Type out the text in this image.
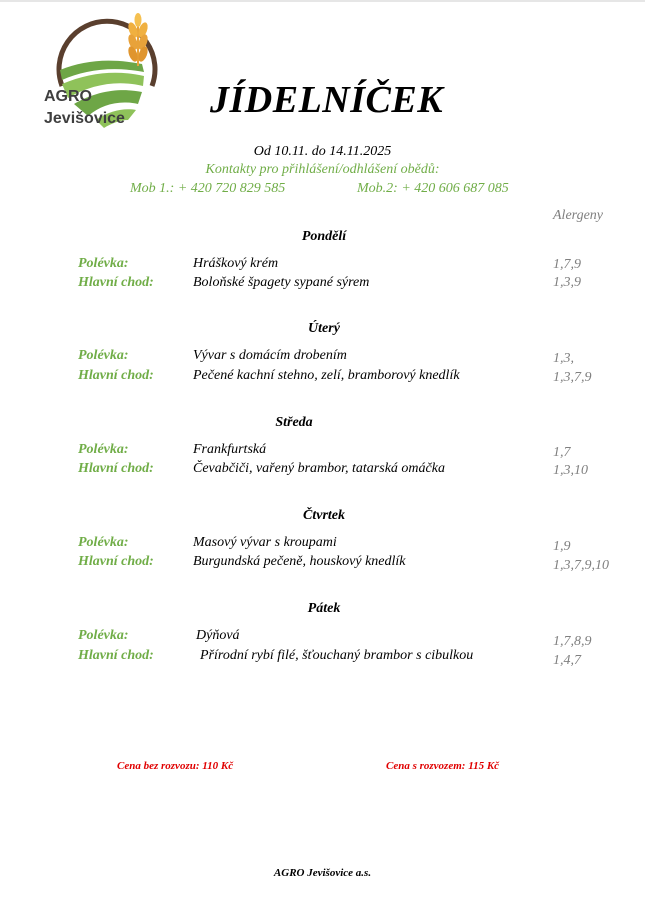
AGRO
Jevišovice JÍDELNÍČEK
Od 10.11. do 14.11.2025
Kontakty pro přihlášení/odhlášení obědů:
Mob 1.: + 420 720 829 585	Mob.2: + 420 606 687 085
Alergeny
Pondělí
Polévka:	Hráškový krém	1,7,9
Hlavní chod:	Boloňské špagety sypané sýrem	1,3,9
Úterý
Polévka:	Vývar s domácím drobením	1,3,
Hlavní chod:	Pečené kachní stehno, zelí, bramborový knedlík	1,3,7,9
Středa
Polévka:	Frankfurtská	1,7
Hlavní chod:	Čevabčiči, vařený brambor, tatarská omáčka	1,3,10
Čtvrtek
Polévka:	Masový vývar s kroupami	1,9
Hlavní chod:	Burgundská pečeně, houskový knedlík	1,3,7,9,10
Pátek
Polévka:	Dýňová	1,7,8,9
Hlavní chod:	Přírodní rybí filé, šťouchaný brambor s cibulkou	1,4,7
Cena bez rozvozu: 110 Kč	Cena s rozvozem: 115 Kč
AGRO Jevišovice a.s.
